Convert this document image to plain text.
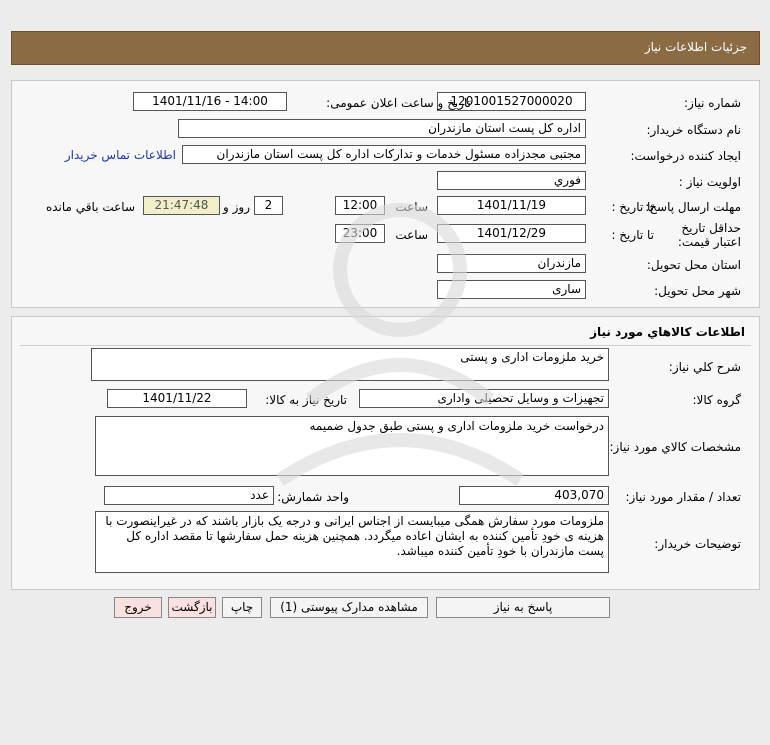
جزئيات اطلاعات نياز
شماره نياز:
1201001527000020
تاریخ و ساعت اعلان عمومی:
1401/11/16 - 14:00
نام دستگاه خريدار:
اداره کل پست استان مازندران
ايجاد کننده درخواست:
مجتبی مجدزاده مسئول خدمات و تدارکات اداره کل پست استان مازندران
اطلاعات تماس خریدار
اولويت نياز :
فوري
مهلت ارسال پاسخ:
تا تاريخ :
1401/11/19
ساعت
12:00
2
روز و
21:47:48
ساعت باقي مانده
حداقل تاريخ اعتبار قيمت:
تا تاريخ :
1401/12/29
ساعت
23:00
استان محل تحويل:
مازندران
شهر محل تحويل:
ساری
اطلاعات کالاهاي مورد نياز
شرح کلي نياز:
خرید ملزومات اداری و پستی
گروه کالا:
تجهیزات و وسایل تحصیلی واداری
تاريخ نياز به کالا:
1401/11/22
مشخصات کالاي مورد نياز:
درخواست خرید ملزومات اداری و پستی طبق جدول ضمیمه
تعداد / مقدار مورد نياز:
403,070
واحد شمارش:
عدد
توضيحات خريدار:
ملزومات مورد سفارش همگی میبایست از اجناس ایرانی و درجه یک بازار باشند که در غیراینصورت با هزینه ی خودِ تأمین کننده به ایشان اعاده میگردد. همچنین هزینه حمل سفارشها تا مقصد اداره کل پست مازندران با خودِ تأمین کننده میباشد.
پاسخ به نیاز
مشاهده مدارک پیوستی (1)
چاپ
بازگشت
خروج
